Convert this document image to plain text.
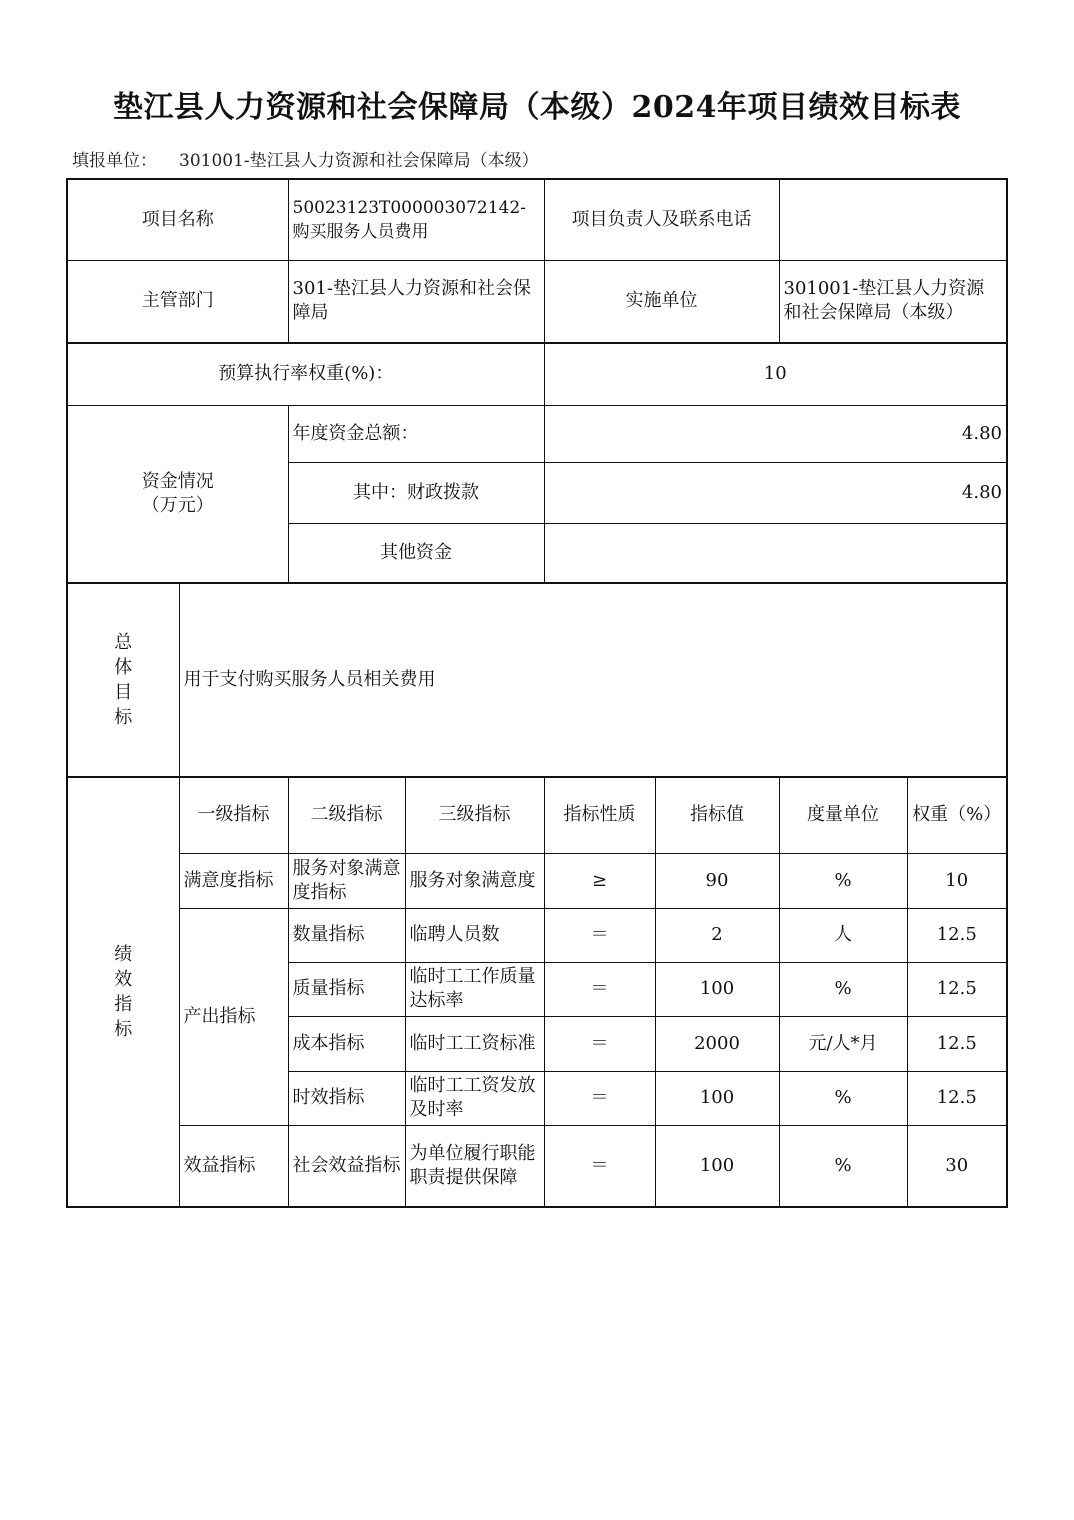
垫江县人力资源和社会保障局（本级）2024年项目绩效目标表
填报单位： 301001-垫江县人力资源和社会保障局（本级）
项目名称		50023123T000003072142-购买服务人员费用		项目负责人及联系电话			
主管部门		301-垫江县人力资源和社会保障局		实施单位		301001-垫江县人力资源和社会保障局（本级）	
预算执行率权重(%)：				10			

资金情况
（万元）		年度资金总额：		4.80			
		其中：财政拨款		4.80			
		其他资金					

总
体
目
标	用于支付购买服务人员相关费用						

绩
效
指
标	一级指标	二级指标	三级指标	指标性质	指标值	度量单位	权重（%）
	满意度指标	服务对象满意度指标	服务对象满意度	≥	90	%	10
	产出指标	数量指标	临聘人员数	＝	2	人	12.5
		质量指标	临时工工作质量达标率	＝	100	%	12.5
		成本指标	临时工工资标准	＝	2000	元/人*月	12.5
		时效指标	临时工工资发放及时率	＝	100	%	12.5
	效益指标	社会效益指标	为单位履行职能职责提供保障	＝	100	%	30
